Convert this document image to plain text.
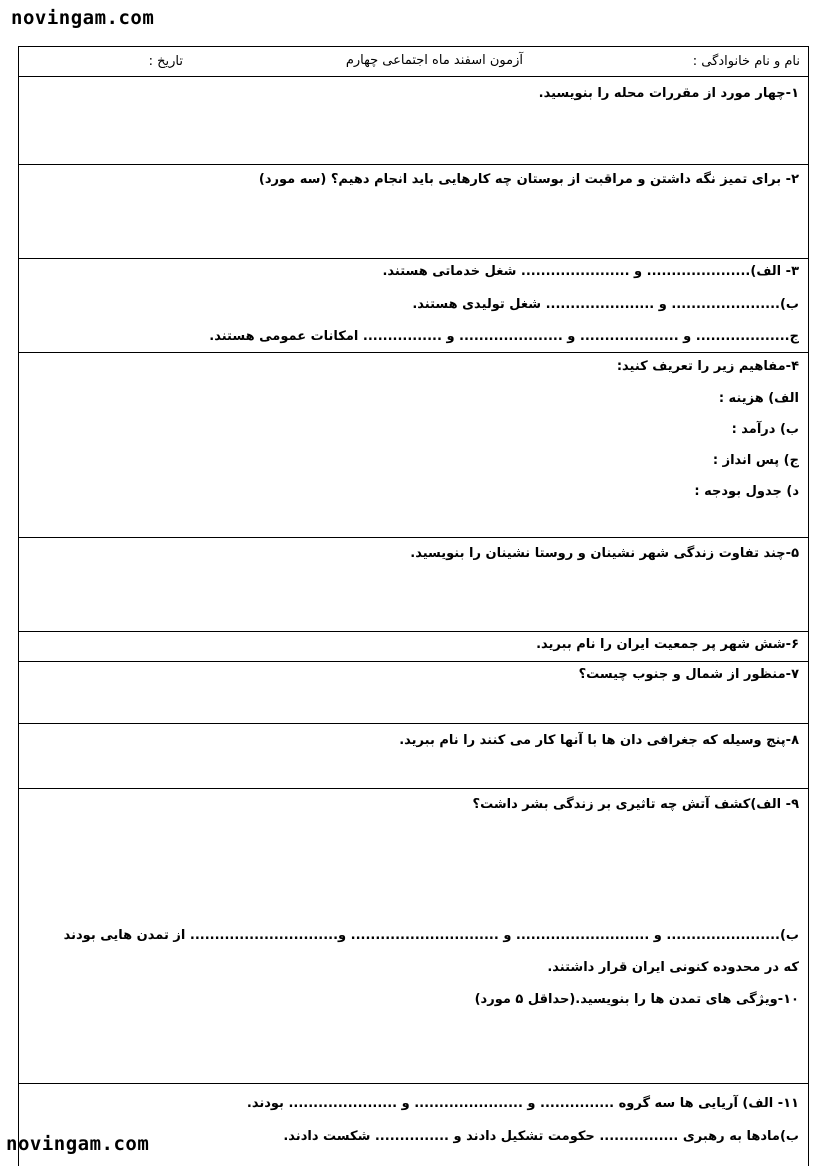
novingam.com
نام و نام خانوادگی :
آزمون اسفند ماه اجتماعی چهارم
تاریخ :
۱-چهار مورد از مقررات محله را بنویسید.
۲- برای تمیز نگه داشتن و مراقبت از بوستان چه کارهایی باید انجام دهیم؟ (سه مورد)
۳- الف)..................... و ...................... شغل خدماتی هستند.
ب)...................... و ...................... شغل تولیدی هستند.
ج................... و .................... و ..................... و ................ امکانات عمومی هستند.
۴-مفاهیم زیر را تعریف کنید:
الف) هزینه :
ب) درآمد :
ج) پس انداز :
د) جدول بودجه :
۵-چند تفاوت زندگی شهر نشینان و روستا نشینان را بنویسید.
۶-شش شهر پر جمعیت ایران را نام ببرید.
۷-منظور از شمال و جنوب چیست؟
۸-پنج وسیله که جغرافی دان ها با آنها کار می کنند را نام ببرید.
۹- الف)کشف آتش چه تاثیری بر زندگی بشر داشت؟
ب)....................... و ........................... و .............................. و.............................. از تمدن هایی بودند
که در محدوده کنونی ایران قرار داشتند.
۱۰-ویژگی های تمدن ها را بنویسید.(حداقل ۵ مورد)
۱۱- الف) آریایی ها سه گروه ............... و ...................... و ...................... بودند.
ب)مادها به رهبری ................ حکومت تشکیل دادند و ............... شکست دادند.
novingam.com
